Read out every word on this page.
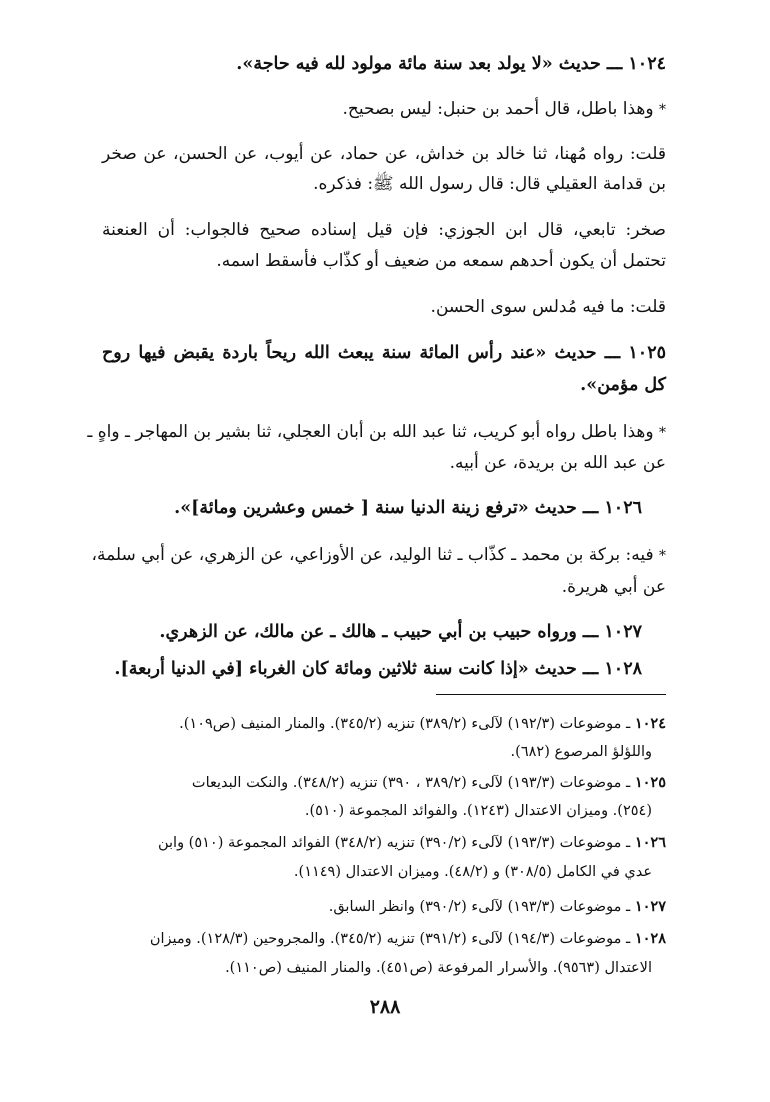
١٠٢٤ ـــ حديث «لا يولد بعد سنة مائة مولود لله فيه حاجة».
* وهذا باطل، قال أحمد بن حنبل: ليس بصحيح.
قلت: رواه مُهنا، ثنا خالد بن خداش، عن حماد، عن أيوب، عن الحسن، عن صخر
بن قدامة العقيلي قال: قال رسول الله ﷺ: فذكره.
صخر: تابعي، قال ابن الجوزي: فإن قيل إسناده صحيح فالجواب: أن العنعنة
تحتمل أن يكون أحدهم سمعه من ضعيف أو كذّاب فأسقط اسمه.
قلت: ما فيه مُدلس سوى الحسن.
١٠٢٥ ـــ حديث «عند رأس المائة سنة يبعث الله ريحاً باردة يقبض فيها روح
كل مؤمن».
* وهذا باطل رواه أبو كريب، ثنا عبد الله بن أبان العجلي، ثنا بشير بن المهاجر ـ واهٍ ـ
عن عبد الله بن بريدة، عن أبيه.
١٠٢٦ ـــ حديث «ترفع زينة الدنيا سنة [ خمس وعشرين ومائة]».
* فيه: بركة بن محمد ـ كذّاب ـ ثنا الوليد، عن الأوزاعي، عن الزهري، عن أبي سلمة،
عن أبي هريرة.
١٠٢٧ ـــ ورواه حبيب بن أبي حبيب ـ هالك ـ عن مالك، عن الزهري.
١٠٢٨ ـــ حديث «إذا كانت سنة ثلاثين ومائة كان الغرباء [في الدنيا أربعة].
١٠٢٤ ـ موضوعات (١٩٢/٣) لآلىء (٣٨٩/٢) تنزيه (٣٤٥/٢). والمنار المنيف (ص١٠٩).
واللؤلؤ المرصوع (٦٨٢).
١٠٢٥ ـ موضوعات (١٩٣/٣) لآلىء (٣٨٩/٢ ، ٣٩٠) تنزيه (٣٤٨/٢). والنكت البديعات
(٢٥٤). وميزان الاعتدال (١٢٤٣). والفوائد المجموعة (٥١٠).
١٠٢٦ ـ موضوعات (١٩٣/٣) لآلىء (٣٩٠/٢) تنزيه (٣٤٨/٢) الفوائد المجموعة (٥١٠) وابن
عدي في الكامل (٣٠٨/٥) و (٤٨/٢). وميزان الاعتدال (١١٤٩).
١٠٢٧ ـ موضوعات (١٩٣/٣) لآلىء (٣٩٠/٢) وانظر السابق.
١٠٢٨ ـ موضوعات (١٩٤/٣) لآلىء (٣٩١/٢) تنزيه (٣٤٥/٢). والمجروحين (١٢٨/٣). وميزان
الاعتدال (٩٥٦٣). والأسرار المرفوعة (ص٤٥١). والمنار المنيف (ص١١٠).
٢٨٨
